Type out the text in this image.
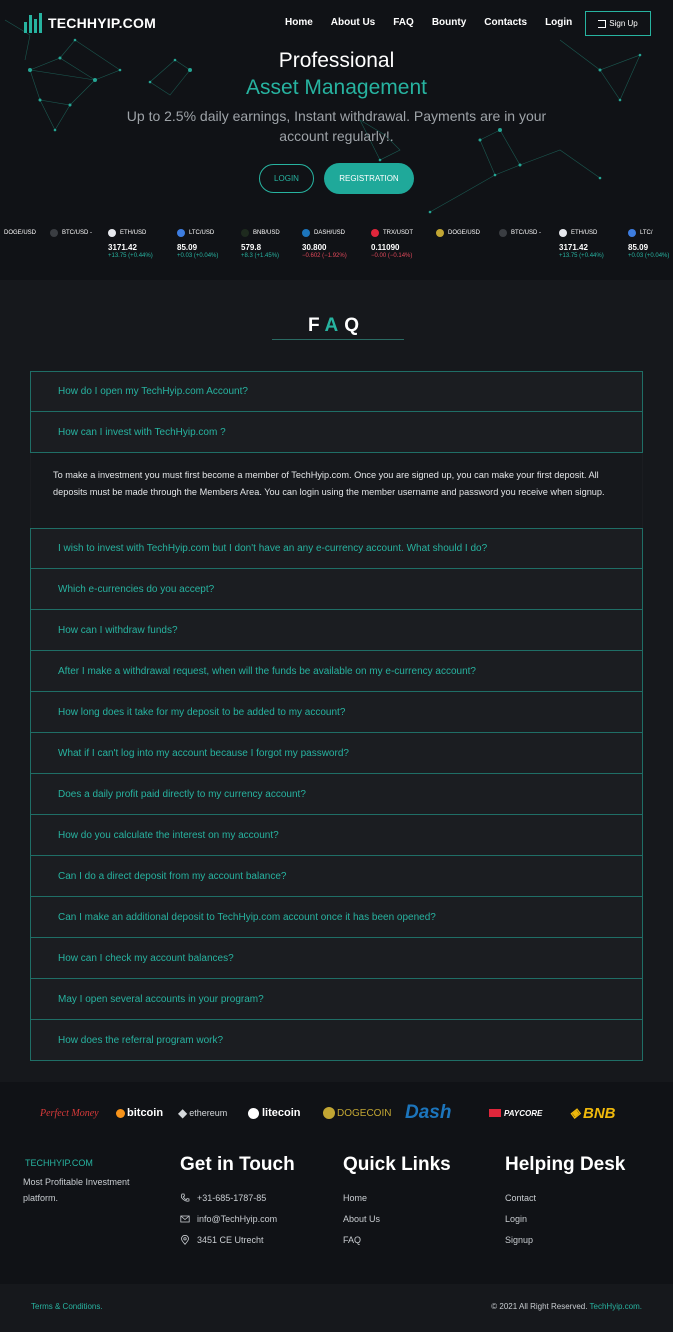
TECHHYIP.COM	Home About Us FAQ Bounty Contacts Login	Sign Up
Professional
Asset Management
Up to 2.5% daily earnings, Instant withdrawal. Payments are in your account regularly!.
LOGIN	REGISTRATION
DOGE/USD	BTC/USD -	ETH/USD
3171.42
+13.75 (+0.44%)
LTC/USD
85.09
+0.03 (+0.04%)
BNB/USD
579.8
+8.3 (+1.45%)
DASH/USD
30.800
−0.602 (−1.92%)
TRX/USDT
0.11090
−0.00 (−0.14%)
DOGE/USD	BTC/USD -	ETH/USD
3171.42
+13.75 (+0.44%)
LTC/
85.09
+0.03 (+0.04%)
FAQ
How do I open my TechHyip.com Account?
How can I invest with TechHyip.com ?
To make a investment you must first become a member of TechHyip.com. Once you are signed up, you can make your first deposit. All deposits must be made through the Members Area. You can login using the member username and password you receive when signup.
I wish to invest with TechHyip.com but I don't have an any e-currency account. What should I do?
Which e-currencies do you accept?
How can I withdraw funds?
After I make a withdrawal request, when will the funds be available on my e-currency account?
How long does it take for my deposit to be added to my account?
What if I can't log into my account because I forgot my password?
Does a daily profit paid directly to my currency account?
How do you calculate the interest on my account?
Can I do a direct deposit from my account balance?
Can I make an additional deposit to TechHyip.com account once it has been opened?
How can I check my account balances?
May I open several accounts in your program?
How does the referral program work?
Perfect Money	bitcoin ◆ ethereum	litecoin	DOGECOIN Dash	PAYCORE ◈ BNB
TECHHYIP.COM
Most Profitable Investment platform.
Get in Touch
+31-685-1787-85
info@TechHyip.com
3451 CE Utrecht
Quick Links
Home
About Us
FAQ
Helping Desk
Contact
Login
Signup
Terms & Conditions.	© 2021 All Right Reserved. TechHyip.com.
